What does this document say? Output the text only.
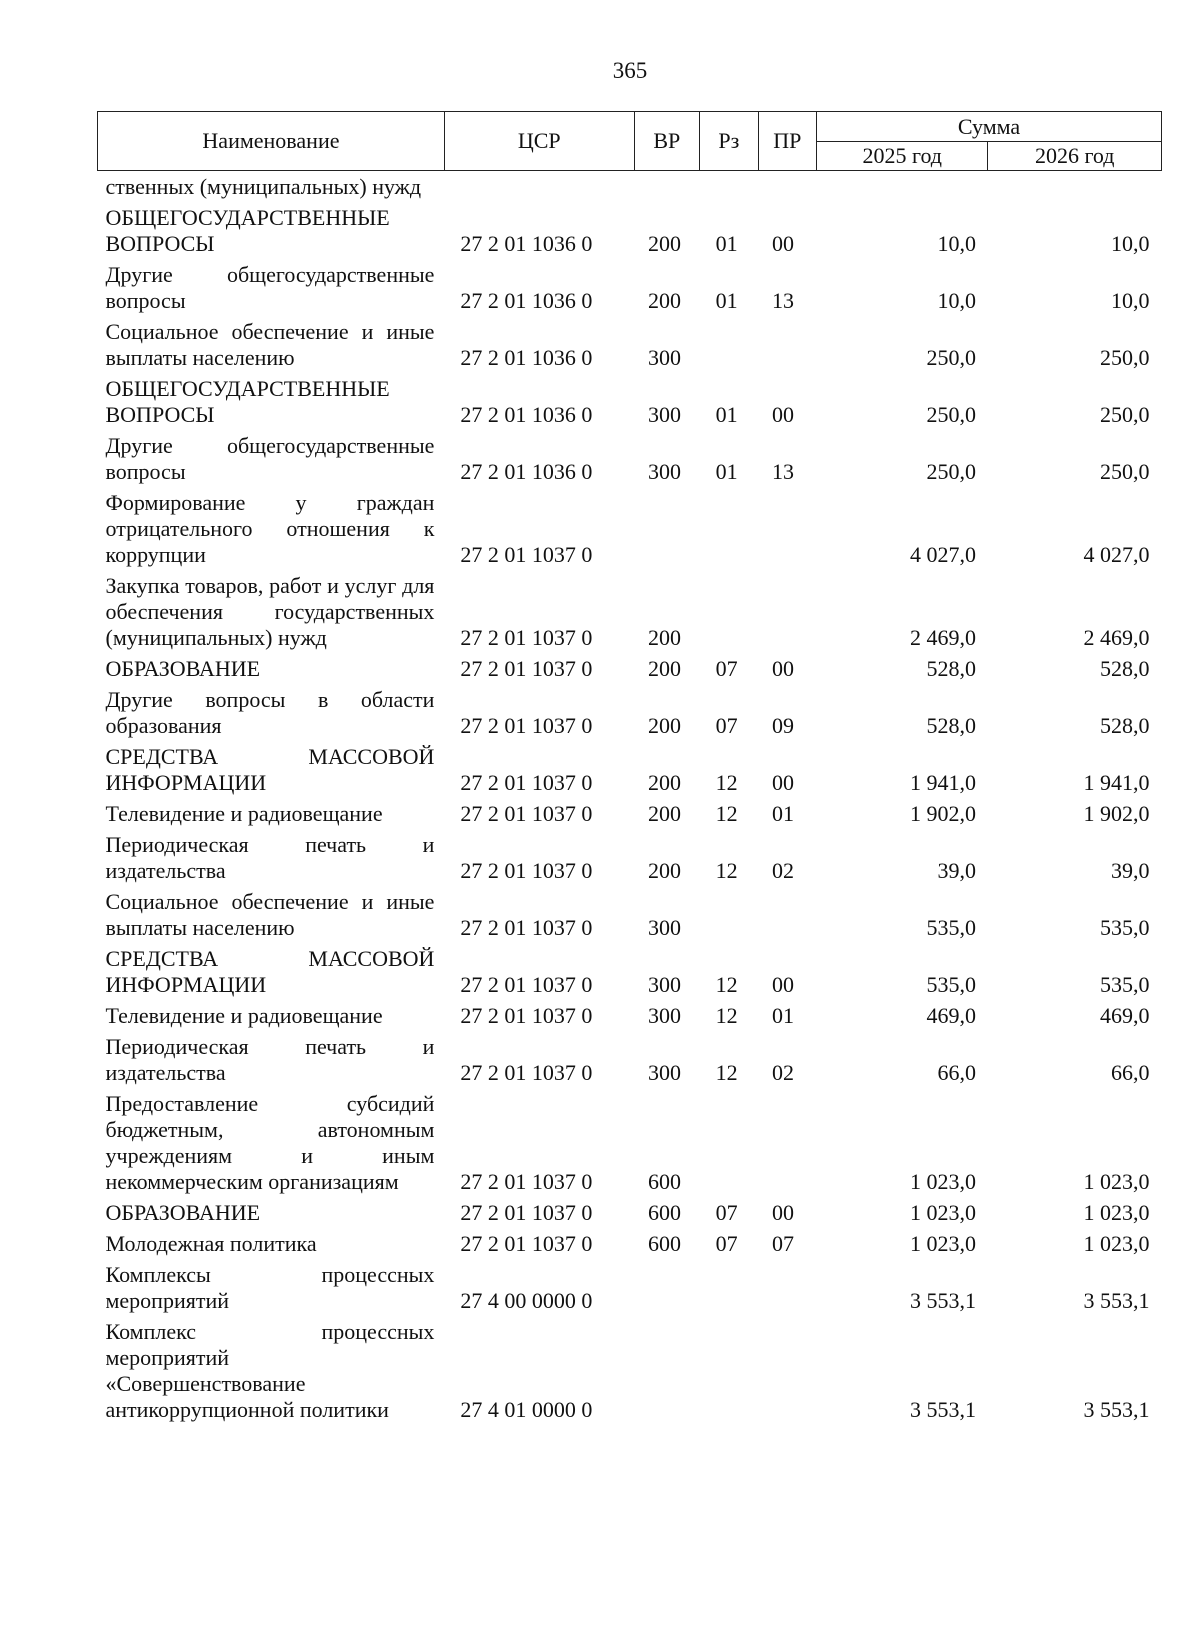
365
Наименование	ЦСР	ВР	Рз	ПР	Сумма	
					2025 год	2026 год
ственных (муниципальных) нужд						
ОБЩЕГОСУДАРСТВЕННЫЕ ВОПРОСЫ	27 2 01 1036 0	200	01	00	10,0	10,0
Другие общегосударственные вопросы	27 2 01 1036 0	200	01	13	10,0	10,0
Социальное обеспечение и иные выплаты населению	27 2 01 1036 0	300			250,0	250,0
ОБЩЕГОСУДАРСТВЕННЫЕ ВОПРОСЫ	27 2 01 1036 0	300	01	00	250,0	250,0
Другие общегосударственные вопросы	27 2 01 1036 0	300	01	13	250,0	250,0
Формирование у граждан отрицательного отношения к коррупции	27 2 01 1037 0				4 027,0	4 027,0
Закупка товаров, работ и услуг для обеспечения государственных (муниципальных) нужд	27 2 01 1037 0	200			2 469,0	2 469,0
ОБРАЗОВАНИЕ	27 2 01 1037 0	200	07	00	528,0	528,0
Другие вопросы в области образования	27 2 01 1037 0	200	07	09	528,0	528,0
СРЕДСТВА МАССОВОЙ ИНФОРМАЦИИ	27 2 01 1037 0	200	12	00	1 941,0	1 941,0
Телевидение и радиовещание	27 2 01 1037 0	200	12	01	1 902,0	1 902,0
Периодическая печать и издательства	27 2 01 1037 0	200	12	02	39,0	39,0
Социальное обеспечение и иные выплаты населению	27 2 01 1037 0	300			535,0	535,0
СРЕДСТВА МАССОВОЙ ИНФОРМАЦИИ	27 2 01 1037 0	300	12	00	535,0	535,0
Телевидение и радиовещание	27 2 01 1037 0	300	12	01	469,0	469,0
Периодическая печать и издательства	27 2 01 1037 0	300	12	02	66,0	66,0
Предоставление субсидий бюджетным, автономным учреждениям и иным некоммерческим организациям	27 2 01 1037 0	600			1 023,0	1 023,0
ОБРАЗОВАНИЕ	27 2 01 1037 0	600	07	00	1 023,0	1 023,0
Молодежная политика	27 2 01 1037 0	600	07	07	1 023,0	1 023,0
Комплексы процессных мероприятий	27 4 00 0000 0				3 553,1	3 553,1
Комплекс процессных мероприятий «Совершенствование антикоррупционной политики	27 4 01 0000 0				3 553,1	3 553,1
